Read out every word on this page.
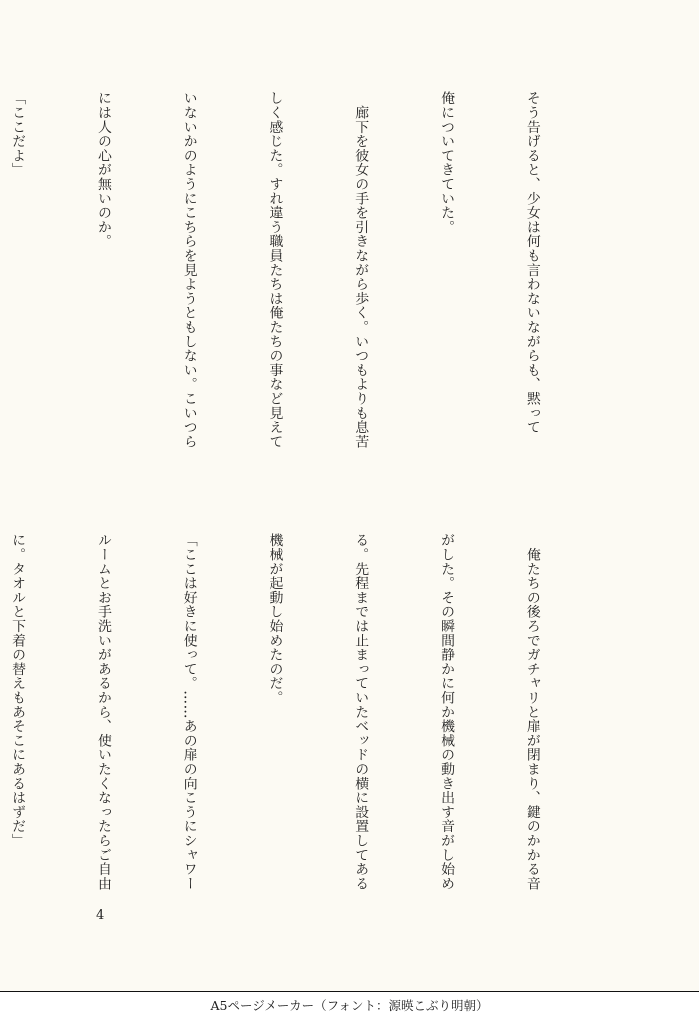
そう告げると、少女は何も言わないながらも、黙って

俺についてきていた。

　廊下を彼女の手を引きながら歩く。いつもよりも息苦

しく感じた。すれ違う職員たちは俺たちの事など見えて

いないかのようにこちらを見ようともしない。こいつら

には人の心が無いのか。

「ここだよ」

　俺たちの後ろでガチャリと扉が閉まり、鍵のかかる音

がした。その瞬間静かに何か機械の動き出す音がし始め

る。先程までは止まっていたベッドの横に設置してある

機械が起動し始めたのだ。

「ここは好きに使って。……あの扉の向こうにシャワー

ルームとお手洗いがあるから、使いたくなったらご自由

に。タオルと下着の替えもあそこにあるはずだ」

4
A5ページメーカー（フォント：源暎こぶり明朝）
